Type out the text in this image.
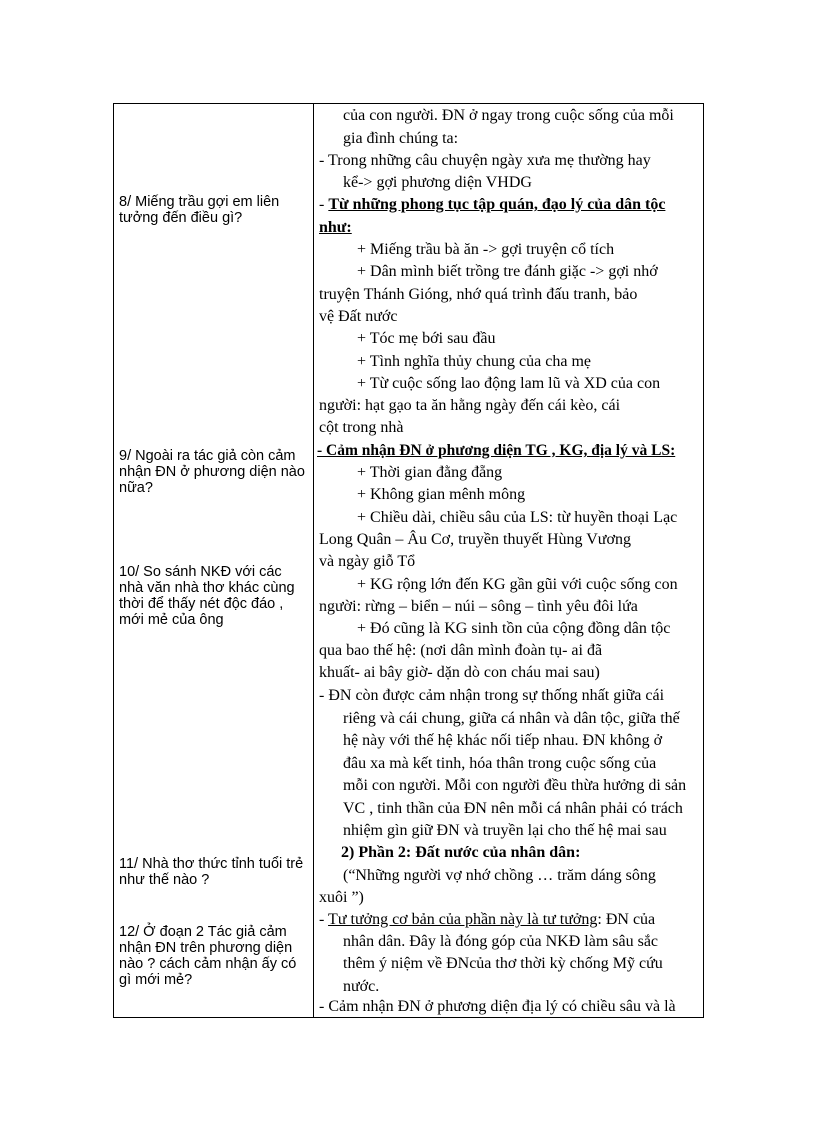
8/ Miếng trầu gợi em liên tưởng đến điều gì?
9/ Ngoài ra tác giả còn cảm nhận ĐN ở phương diện nào nữa?
10/ So sánh NKĐ với các nhà văn nhà thơ khác cùng thời để thấy nét độc đáo , mới mẻ của ông
11/ Nhà thơ thức tỉnh tuổi trẻ như thế nào ?
12/ Ở đoạn 2 Tác giả cảm nhận ĐN trên phương diện nào ? cách cảm nhận ấy có gì mới mẻ?
của con người. ĐN ở ngay trong cuộc sống của mỗi
gia đình chúng ta:
- Trong những câu chuyện ngày xưa mẹ thường hay
kể-> gợi phương diện VHDG
- Từ những phong tục tập quán, đạo lý của dân tộc
như:
+ Miếng trầu bà ăn -> gợi truyện cổ tích
+ Dân mình biết trồng tre đánh giặc -> gợi nhớ
truyện Thánh Gióng, nhớ quá trình đấu tranh, bảo
vệ Đất nước
+ Tóc mẹ bới sau đầu
+ Tình nghĩa thủy chung của cha mẹ
+ Từ cuộc sống lao động lam lũ và XD của con
người: hạt gạo ta ăn hằng ngày đến cái kèo, cái
cột trong nhà
- Cảm nhận ĐN ở phương diện TG , KG, địa lý và LS:
+ Thời gian đằng đẵng
+ Không gian mênh mông
+ Chiều dài, chiều sâu của LS: từ huyền thoại Lạc
Long Quân – Âu Cơ, truyền thuyết Hùng Vương
và ngày giỗ Tổ
+ KG rộng lớn đến KG gần gũi với cuộc sống con
người: rừng – biển – núi – sông – tình yêu đôi lứa
+ Đó cũng là KG sinh tồn của cộng đồng dân tộc
qua bao thế hệ: (nơi dân mình đoàn tụ- ai đã
khuất- ai bây giờ- dặn dò con cháu mai sau)
- ĐN còn được cảm nhận trong sự thống nhất giữa cái
riêng và cái chung, giữa cá nhân và dân tộc, giữa thế
hệ này với thế hệ khác nối tiếp nhau. ĐN không ở
đâu xa mà kết tinh, hóa thân trong cuộc sống của
mỗi con người. Mỗi con người đều thừa hưởng di sản
VC , tinh thần của ĐN nên mỗi cá nhân phải có trách
nhiệm gìn giữ ĐN và truyền lại cho thế hệ mai sau
2) Phần 2: Đất nước của nhân dân:
(“Những người vợ nhớ chồng … trăm dáng sông
xuôi ”)
- Tư tưởng cơ bản của phần này là tư tưởng: ĐN của
nhân dân. Đây là đóng góp của NKĐ làm sâu sắc
thêm ý niệm về ĐNcủa thơ thời kỳ chống Mỹ cứu
nước.
- Cảm nhận ĐN ở phương diện địa lý có chiều sâu và là
